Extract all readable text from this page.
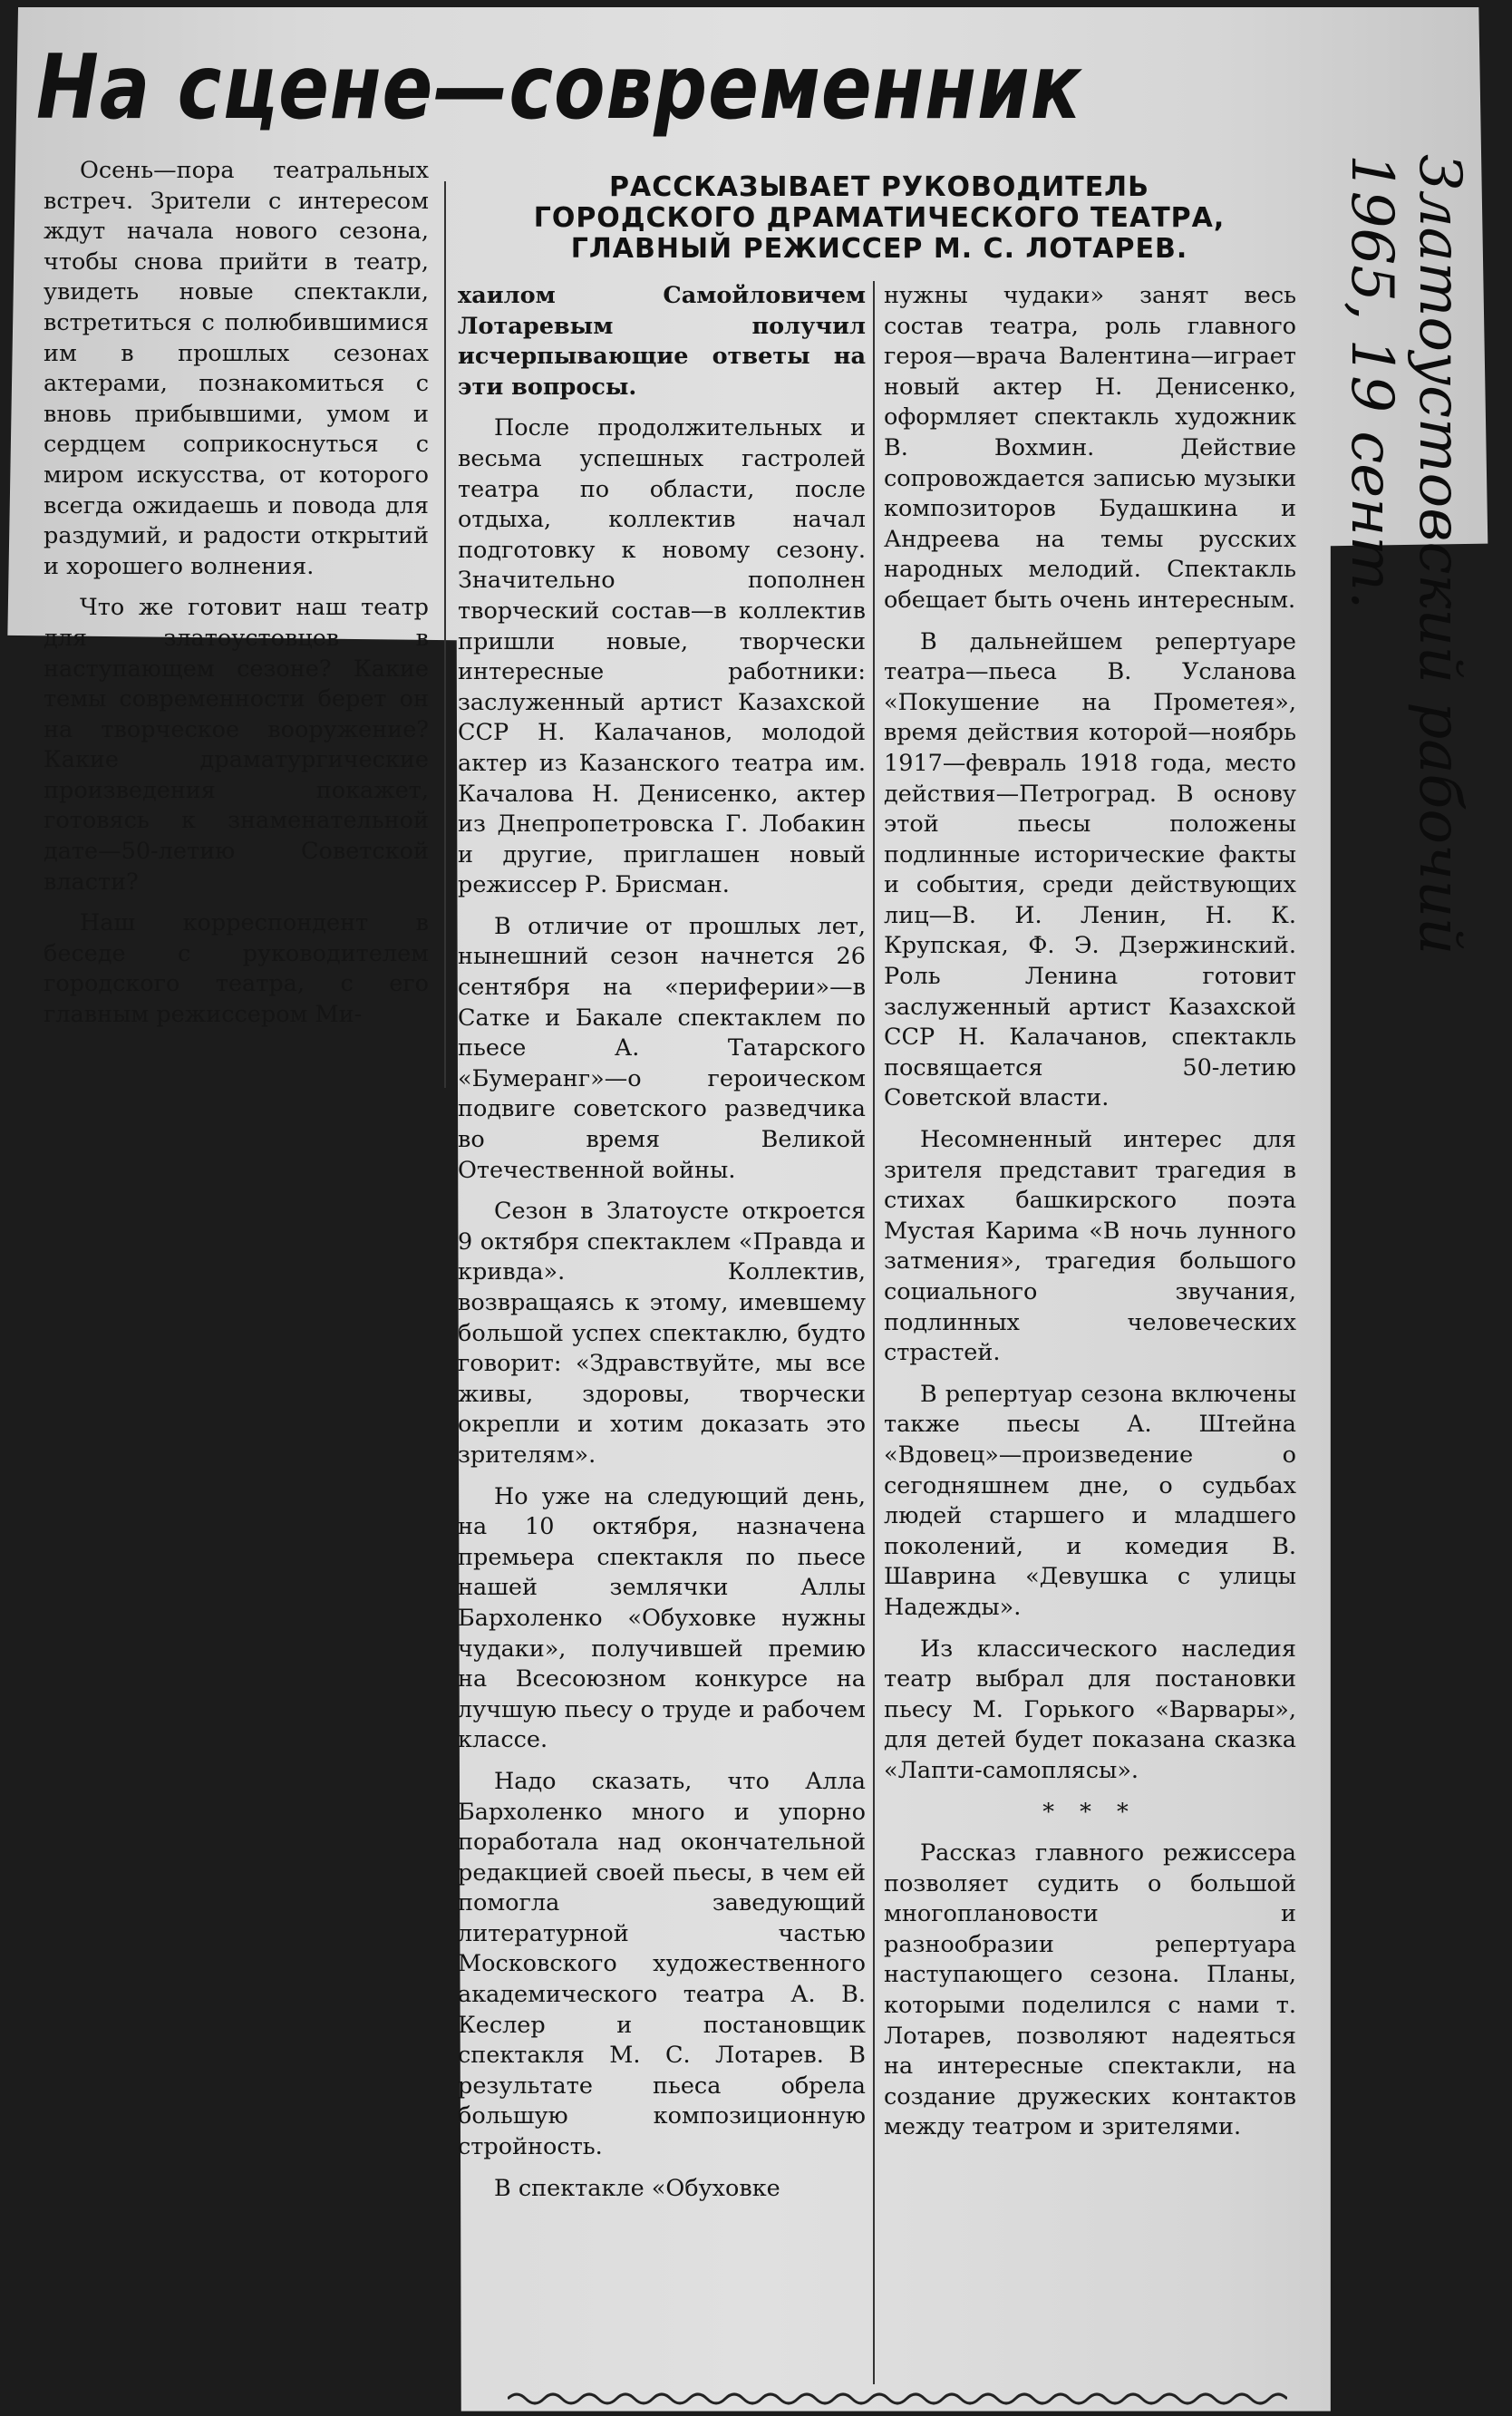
На сцене—современник
РАССКАЗЫВАЕТ РУКОВОДИТЕЛЬ
ГОРОДСКОГО ДРАМАТИЧЕСКОГО ТЕАТРА,
ГЛАВНЫЙ РЕЖИССЕР М. С. ЛОТАРЕВ.

Осень—пора театральных встреч. Зрители с интересом ждут начала нового сезона, чтобы снова прийти в театр, увидеть новые спектакли, встретиться с полюбившимися им в прошлых сезонах актерами, познакомиться с вновь прибывшими, умом и сердцем соприкоснуться с миром искусства, от которого всегда ожидаешь и повода для раздумий, и радости открытий и хорошего волнения.

Что же готовит наш театр для златоустовцев в наступающем сезоне? Какие темы современности берет он на творческое вооружение? Какие драматургические произведения покажет, готовясь к знаменательной дате—50-летию Советской власти?

Наш корреспондент в беседе с руководителем городского театра, с его главным режиссером Ми-

хаилом Самойловичем Лотаревым получил исчерпывающие ответы на эти вопросы.

После продолжительных и весьма успешных гастролей театра по области, после отдыха, коллектив начал подготовку к новому сезону. Значительно пополнен творческий состав—в коллектив пришли новые, творчески интересные работники: заслуженный артист Казахской ССР Н. Калачанов, молодой актер из Казанского театра им. Качалова Н. Денисенко, актер из Днепропетровска Г. Лобакин и другие, приглашен новый режиссер Р. Брисман.

В отличие от прошлых лет, нынешний сезон начнется 26 сентября на «периферии»—в Сатке и Бакале спектаклем по пьесе А. Татарского «Бумеранг»—о героическом подвиге советского разведчика во время Великой Отечественной войны.

Сезон в Златоусте откроется 9 октября спектаклем «Правда и кривда». Коллектив, возвращаясь к этому, имевшему большой успех спектаклю, будто говорит: «Здравствуйте, мы все живы, здоровы, творчески окрепли и хотим доказать это зрителям».

Но уже на следующий день, на 10 октября, назначена премьера спектакля по пьесе нашей землячки Аллы Бархоленко «Обуховке нужны чудаки», получившей премию на Всесоюзном конкурсе на лучшую пьесу о труде и рабочем классе.

Надо сказать, что Алла Бархоленко много и упорно поработала над окончательной редакцией своей пьесы, в чем ей помогла заведующий литературной частью Московского художественного академического театра А. В. Кеслер и постановщик спектакля М. С. Лотарев. В результате пьеса обрела большую композиционную стройность.

В спектакле «Обуховке

нужны чудаки» занят весь состав театра, роль главного героя—врача Валентина—играет новый актер Н. Денисенко, оформляет спектакль художник В. Вохмин. Действие сопровождается записью музыки композиторов Будашкина и Андреева на темы русских народных мелодий. Спектакль обещает быть очень интересным.

В дальнейшем репертуаре театра—пьеса В. Усланова «Покушение на Прометея», время действия которой—ноябрь 1917—февраль 1918 года, место действия—Петроград. В основу этой пьесы положены подлинные исторические факты и события, среди действующих лиц—В. И. Ленин, Н. К. Крупская, Ф. Э. Дзержинский. Роль Ленина готовит заслуженный артист Казахской ССР Н. Калачанов, спектакль посвящается 50-летию Советской власти.

Несомненный интерес для зрителя представит трагедия в стихах башкирского поэта Мустая Карима «В ночь лунного затмения», трагедия большого социального звучания, подлинных человеческих страстей.

В репертуар сезона включены также пьесы А. Штейна «Вдовец»—произведение о сегодняшнем дне, о судьбах людей старшего и младшего поколений, и комедия В. Шаврина «Девушка с улицы Надежды».

Из классического наследия театр выбрал для постановки пьесу М. Горького «Варвары», для детей будет показана сказка «Лапти-самоплясы».

* * *

Рассказ главного режиссера позволяет судить о большой многоплановости и разнообразии репертуара наступающего сезона. Планы, которыми поделился с нами т. Лотарев, позволяют надеяться на интересные спектакли, на создание дружеских контактов между театром и зрителями.

Златоустовский рабочий
1965, 19 сент.
